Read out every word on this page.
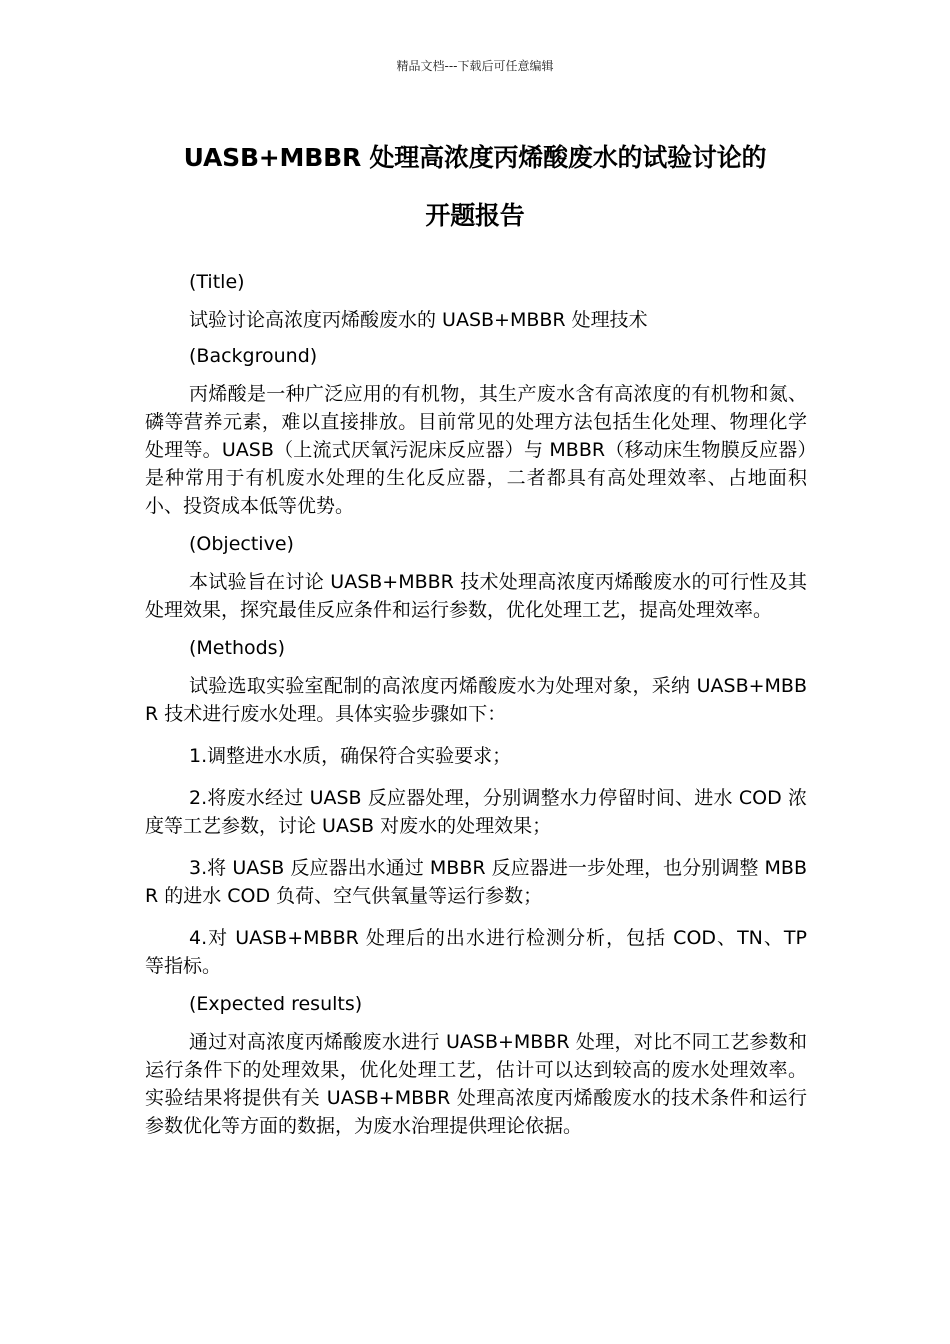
精品文档---下载后可任意编辑
UASB+MBBR 处理高浓度丙烯酸废水的试验讨论的
开题报告

(Title)

试验讨论高浓度丙烯酸废水的 UASB+MBBR 处理技术

(Background)

丙烯酸是一种广泛应用的有机物，其生产废水含有高浓度的有机物和氮、磷等营养元素，难以直接排放。目前常见的处理方法包括生化处理、物理化学处理等。UASB（上流式厌氧污泥床反应器）与 MBBR（移动床生物膜反应器）是种常用于有机废水处理的生化反应器，二者都具有高处理效率、占地面积小、投资成本低等优势。

(Objective)

本试验旨在讨论 UASB+MBBR 技术处理高浓度丙烯酸废水的可行性及其处理效果，探究最佳反应条件和运行参数，优化处理工艺，提高处理效率。

(Methods)

试验选取实验室配制的高浓度丙烯酸废水为处理对象，采纳 UASB+MBBR 技术进行废水处理。具体实验步骤如下：

1.调整进水水质，确保符合实验要求；

2.将废水经过 UASB 反应器处理，分别调整水力停留时间、进水 COD 浓度等工艺参数，讨论 UASB 对废水的处理效果；

3.将 UASB 反应器出水通过 MBBR 反应器进一步处理，也分别调整 MBBR 的进水 COD 负荷、空气供氧量等运行参数；

4.对 UASB+MBBR 处理后的出水进行检测分析，包括 COD、TN、TP 等指标。

(Expected results)

通过对高浓度丙烯酸废水进行 UASB+MBBR 处理，对比不同工艺参数和运行条件下的处理效果，优化处理工艺，估计可以达到较高的废水处理效率。实验结果将提供有关 UASB+MBBR 处理高浓度丙烯酸废水的技术条件和运行参数优化等方面的数据，为废水治理提供理论依据。
